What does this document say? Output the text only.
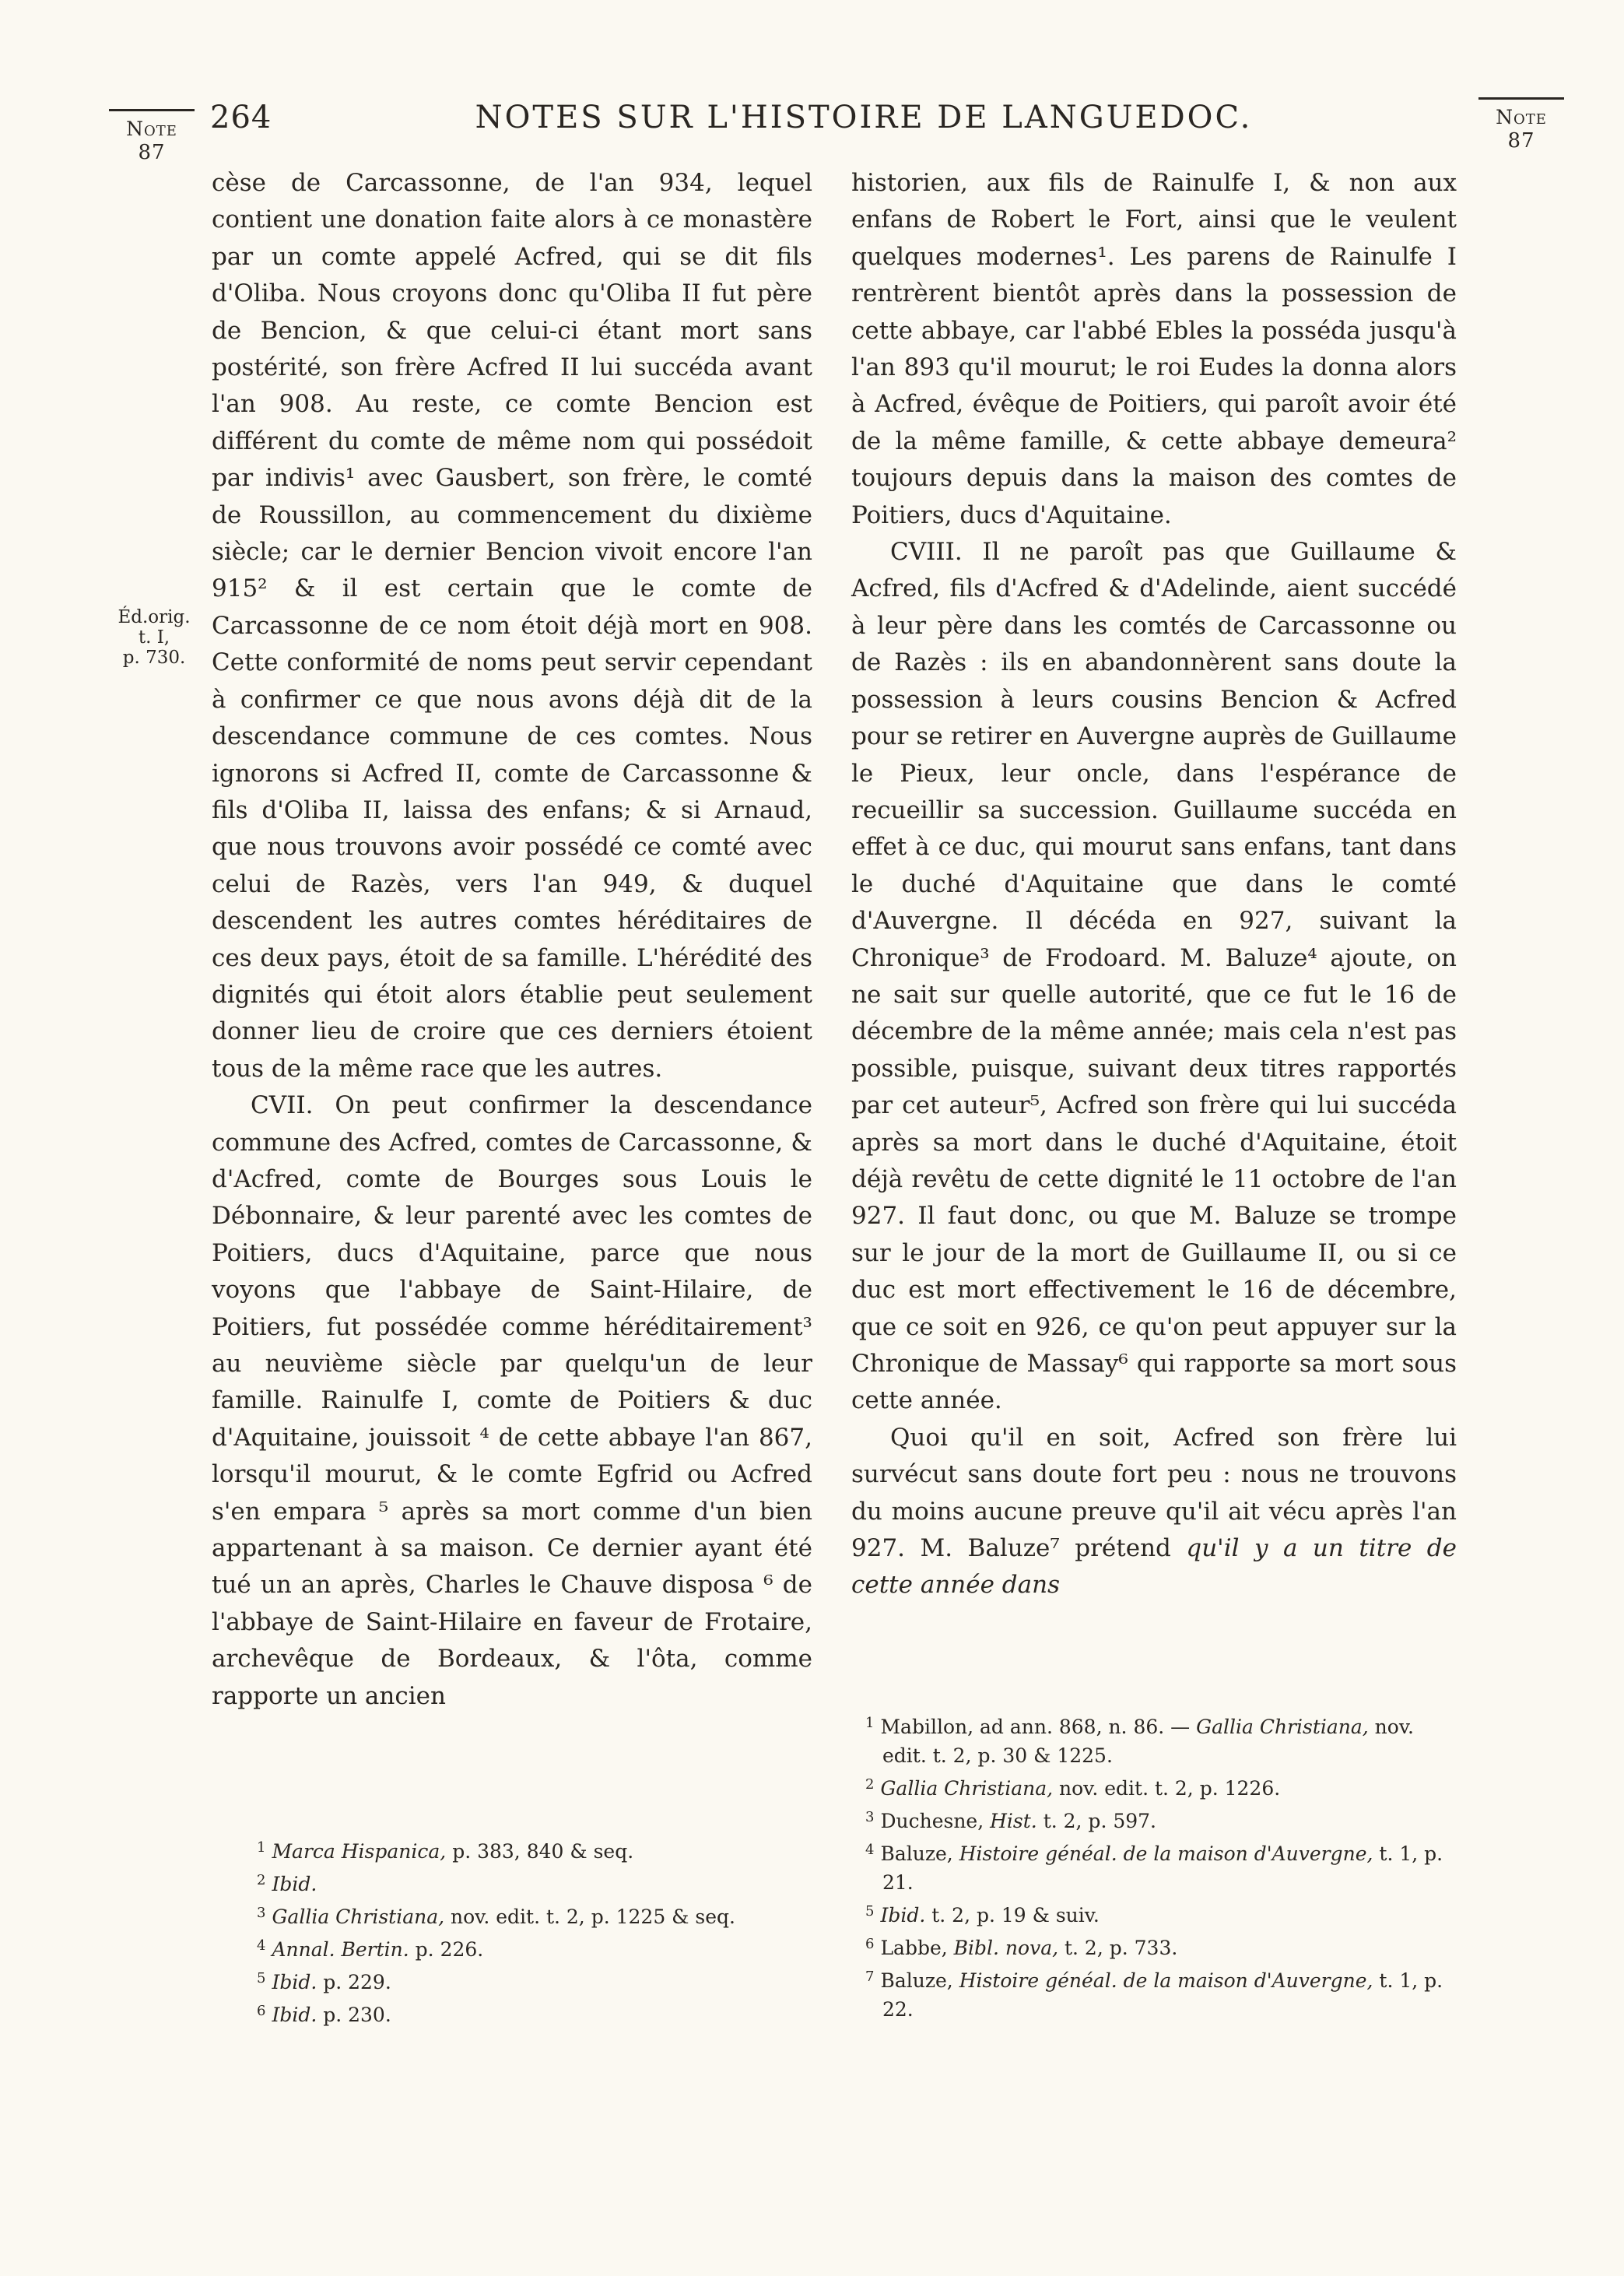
Note
87
264	NOTES SUR L'HISTOIRE DE LANGUEDOC.	Note
87
Éd.orig.
t. I,
p. 730.

cèse de Carcassonne, de l'an 934, lequel contient une donation faite alors à ce monastère par un comte appelé Acfred, qui se dit fils d'Oliba. Nous croyons donc qu'Oliba II fut père de Bencion, & que celui-ci étant mort sans postérité, son frère Acfred II lui succéda avant l'an 908. Au reste, ce comte Bencion est différent du comte de même nom qui possédoit par indivis¹ avec Gausbert, son frère, le comté de Roussillon, au commencement du dixième siècle; car le dernier Bencion vivoit encore l'an 915² & il est certain que le comte de Carcassonne de ce nom étoit déjà mort en 908. Cette conformité de noms peut servir cependant à confirmer ce que nous avons déjà dit de la descendance commune de ces comtes. Nous ignorons si Acfred II, comte de Carcassonne & fils d'Oliba II, laissa des enfans; & si Arnaud, que nous trouvons avoir possédé ce comté avec celui de Razès, vers l'an 949, & duquel descendent les autres comtes héréditaires de ces deux pays, étoit de sa famille. L'hérédité des dignités qui étoit alors établie peut seulement donner lieu de croire que ces derniers étoient tous de la même race que les autres.

CVII. On peut confirmer la descendance commune des Acfred, comtes de Carcassonne, & d'Acfred, comte de Bourges sous Louis le Débonnaire, & leur parenté avec les comtes de Poitiers, ducs d'Aquitaine, parce que nous voyons que l'abbaye de Saint-Hilaire, de Poitiers, fut possédée comme héréditairement³ au neuvième siècle par quelqu'un de leur famille. Rainulfe I, comte de Poitiers & duc d'Aquitaine, jouissoit ⁴ de cette abbaye l'an 867, lorsqu'il mourut, & le comte Egfrid ou Acfred s'en empara ⁵ après sa mort comme d'un bien appartenant à sa maison. Ce dernier ayant été tué un an après, Charles le Chauve disposa ⁶ de l'abbaye de Saint-Hilaire en faveur de Frotaire, archevêque de Bordeaux, & l'ôta, comme rapporte un ancien

historien, aux fils de Rainulfe I, & non aux enfans de Robert le Fort, ainsi que le veulent quelques modernes¹. Les parens de Rainulfe I rentrèrent bientôt après dans la possession de cette abbaye, car l'abbé Ebles la posséda jusqu'à l'an 893 qu'il mourut; le roi Eudes la donna alors à Acfred, évêque de Poitiers, qui paroît avoir été de la même famille, & cette abbaye demeura² toujours depuis dans la maison des comtes de Poitiers, ducs d'Aquitaine.

CVIII. Il ne paroît pas que Guillaume & Acfred, fils d'Acfred & d'Adelinde, aient succédé à leur père dans les comtés de Carcassonne ou de Razès : ils en abandonnèrent sans doute la possession à leurs cousins Bencion & Acfred pour se retirer en Auvergne auprès de Guillaume le Pieux, leur oncle, dans l'espérance de recueillir sa succession. Guillaume succéda en effet à ce duc, qui mourut sans enfans, tant dans le duché d'Aquitaine que dans le comté d'Auvergne. Il décéda en 927, suivant la Chronique³ de Frodoard. M. Baluze⁴ ajoute, on ne sait sur quelle autorité, que ce fut le 16 de décembre de la même année; mais cela n'est pas possible, puisque, suivant deux titres rapportés par cet auteur⁵, Acfred son frère qui lui succéda après sa mort dans le duché d'Aquitaine, étoit déjà revêtu de cette dignité le 11 octobre de l'an 927. Il faut donc, ou que M. Baluze se trompe sur le jour de la mort de Guillaume II, ou si ce duc est mort effectivement le 16 de décembre, que ce soit en 926, ce qu'on peut appuyer sur la Chronique de Massay⁶ qui rapporte sa mort sous cette année.

Quoi qu'il en soit, Acfred son frère lui survécut sans doute fort peu : nous ne trouvons du moins aucune preuve qu'il ait vécu après l'an 927. M. Baluze⁷ prétend qu'il y a un titre de cette année dans

$^1$ Marca Hispanica, p. 383, 840 & seq.

$^2$ Ibid.

$^3$ Gallia Christiana, nov. edit. t. 2, p. 1225 & seq.

$^4$ Annal. Bertin. p. 226.

$^5$ Ibid. p. 229.

$^6$ Ibid. p. 230.

$^1$ Mabillon, ad ann. 868, n. 86. — Gallia Christiana, nov. edit. t. 2, p. 30 & 1225.

$^2$ Gallia Christiana, nov. edit. t. 2, p. 1226.

$^3$ Duchesne, Hist. t. 2, p. 597.

$^4$ Baluze, Histoire généal. de la maison d'Auvergne, t. 1, p. 21.

$^5$ Ibid. t. 2, p. 19 & suiv.

$^6$ Labbe, Bibl. nova, t. 2, p. 733.

$^7$ Baluze, Histoire généal. de la maison d'Auvergne, t. 1, p. 22.
